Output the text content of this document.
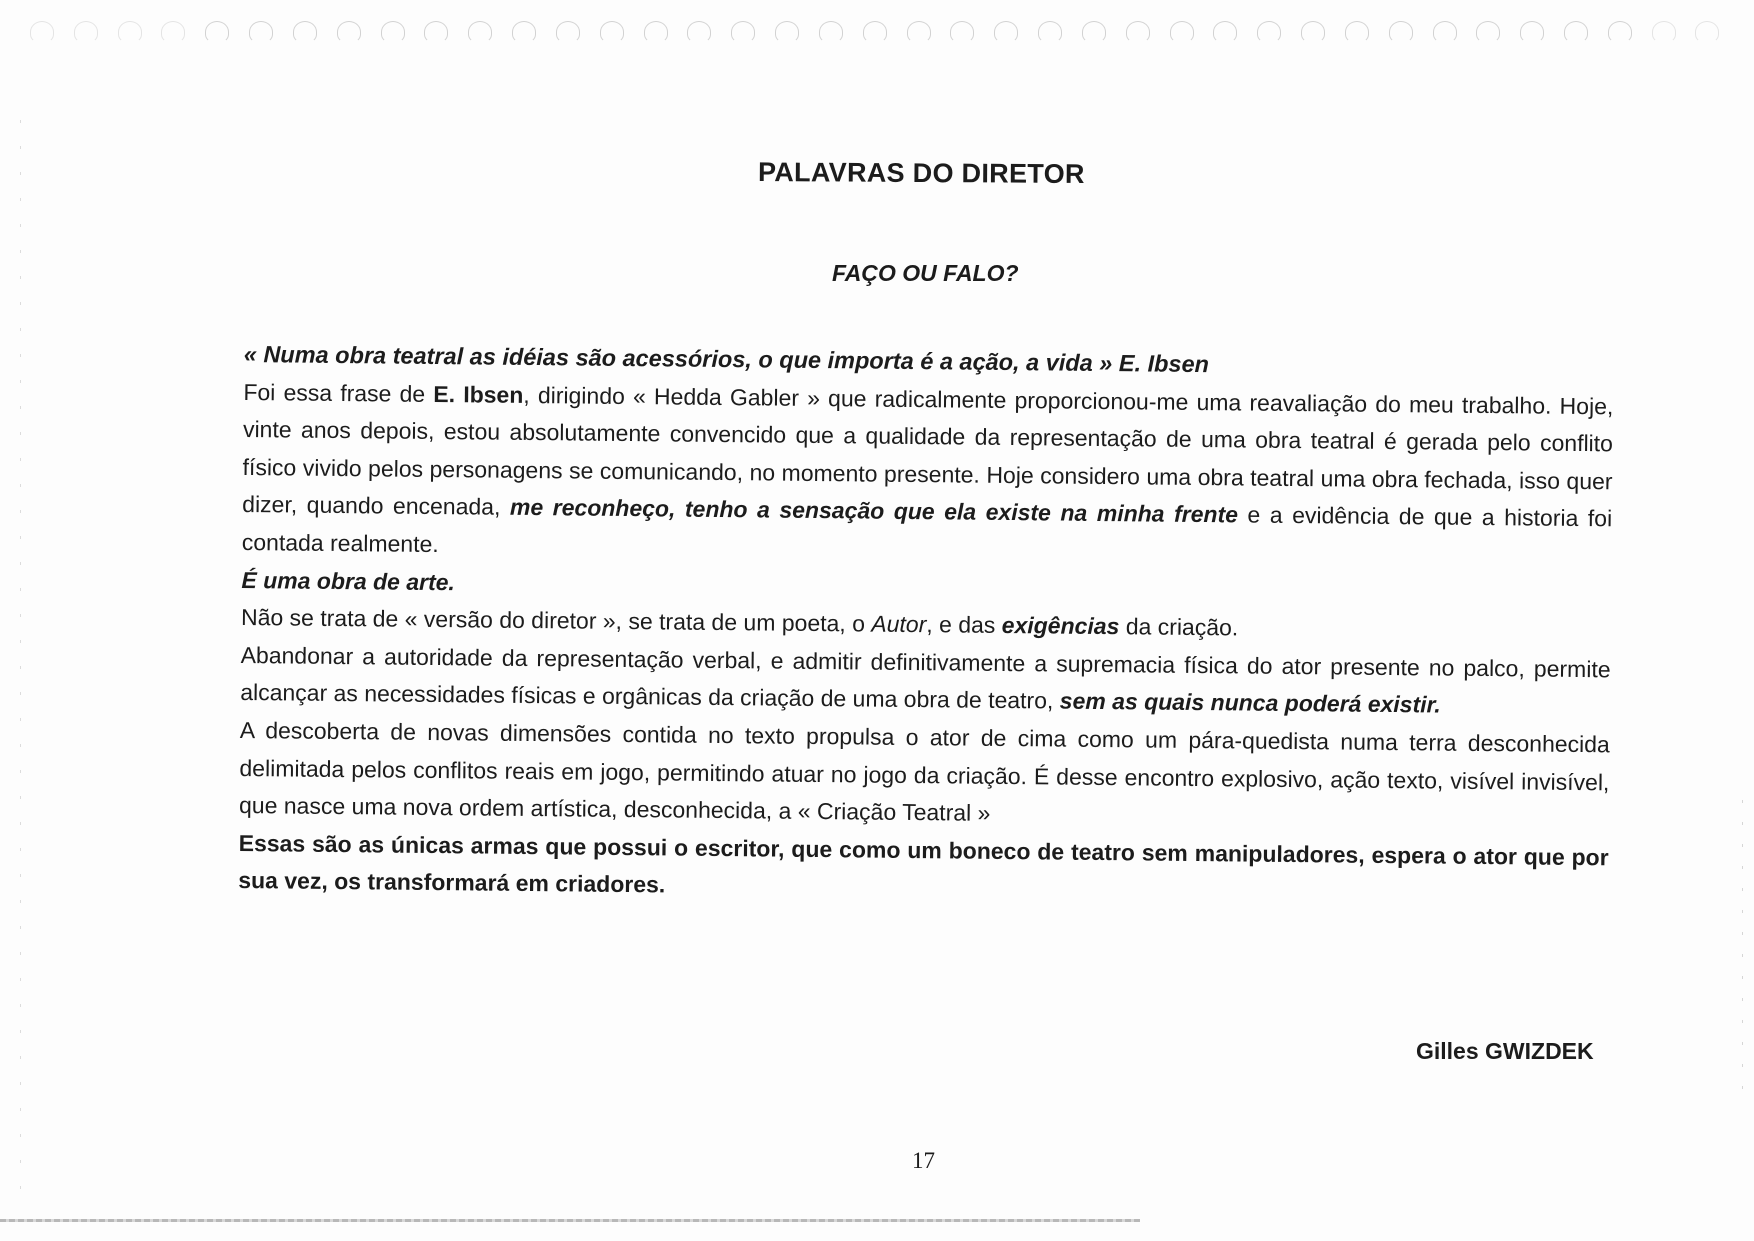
PALAVRAS DO DIRETOR
FAÇO OU FALO?

« Numa obra teatral as idéias são acessórios, o que importa é a ação, a vida » E. Ibsen

Foi essa frase de E. Ibsen, dirigindo « Hedda Gabler » que radicalmente proporcionou-me uma reavaliação do meu trabalho. Hoje, vinte anos depois, estou absolutamente convencido que a qualidade da representação de uma obra teatral é gerada pelo conflito físico vivido pelos personagens se comunicando, no momento presente. Hoje considero uma obra teatral uma obra fechada, isso quer dizer, quando encenada, me reconheço, tenho a sensação que ela existe na minha frente e a evidência de que a historia foi contada realmente.

É uma obra de arte.

Não se trata de « versão do diretor », se trata de um poeta, o Autor, e das exigências da criação.

Abandonar a autoridade da representação verbal, e admitir definitivamente a supremacia física do ator presente no palco, permite alcançar as necessidades físicas e orgânicas da criação de uma obra de teatro, sem as quais nunca poderá existir.

A descoberta de novas dimensões contida no texto propulsa o ator de cima como um pára-quedista numa terra desconhecida delimitada pelos conflitos reais em jogo, permitindo atuar no jogo da criação. É desse encontro explosivo, ação texto, visível invisível, que nasce uma nova ordem artística, desconhecida, a « Criação Teatral »

Essas são as únicas armas que possui o escritor, que como um boneco de teatro sem manipuladores, espera o ator que por sua vez, os transformará em criadores.

Gilles GWIZDEK
17
